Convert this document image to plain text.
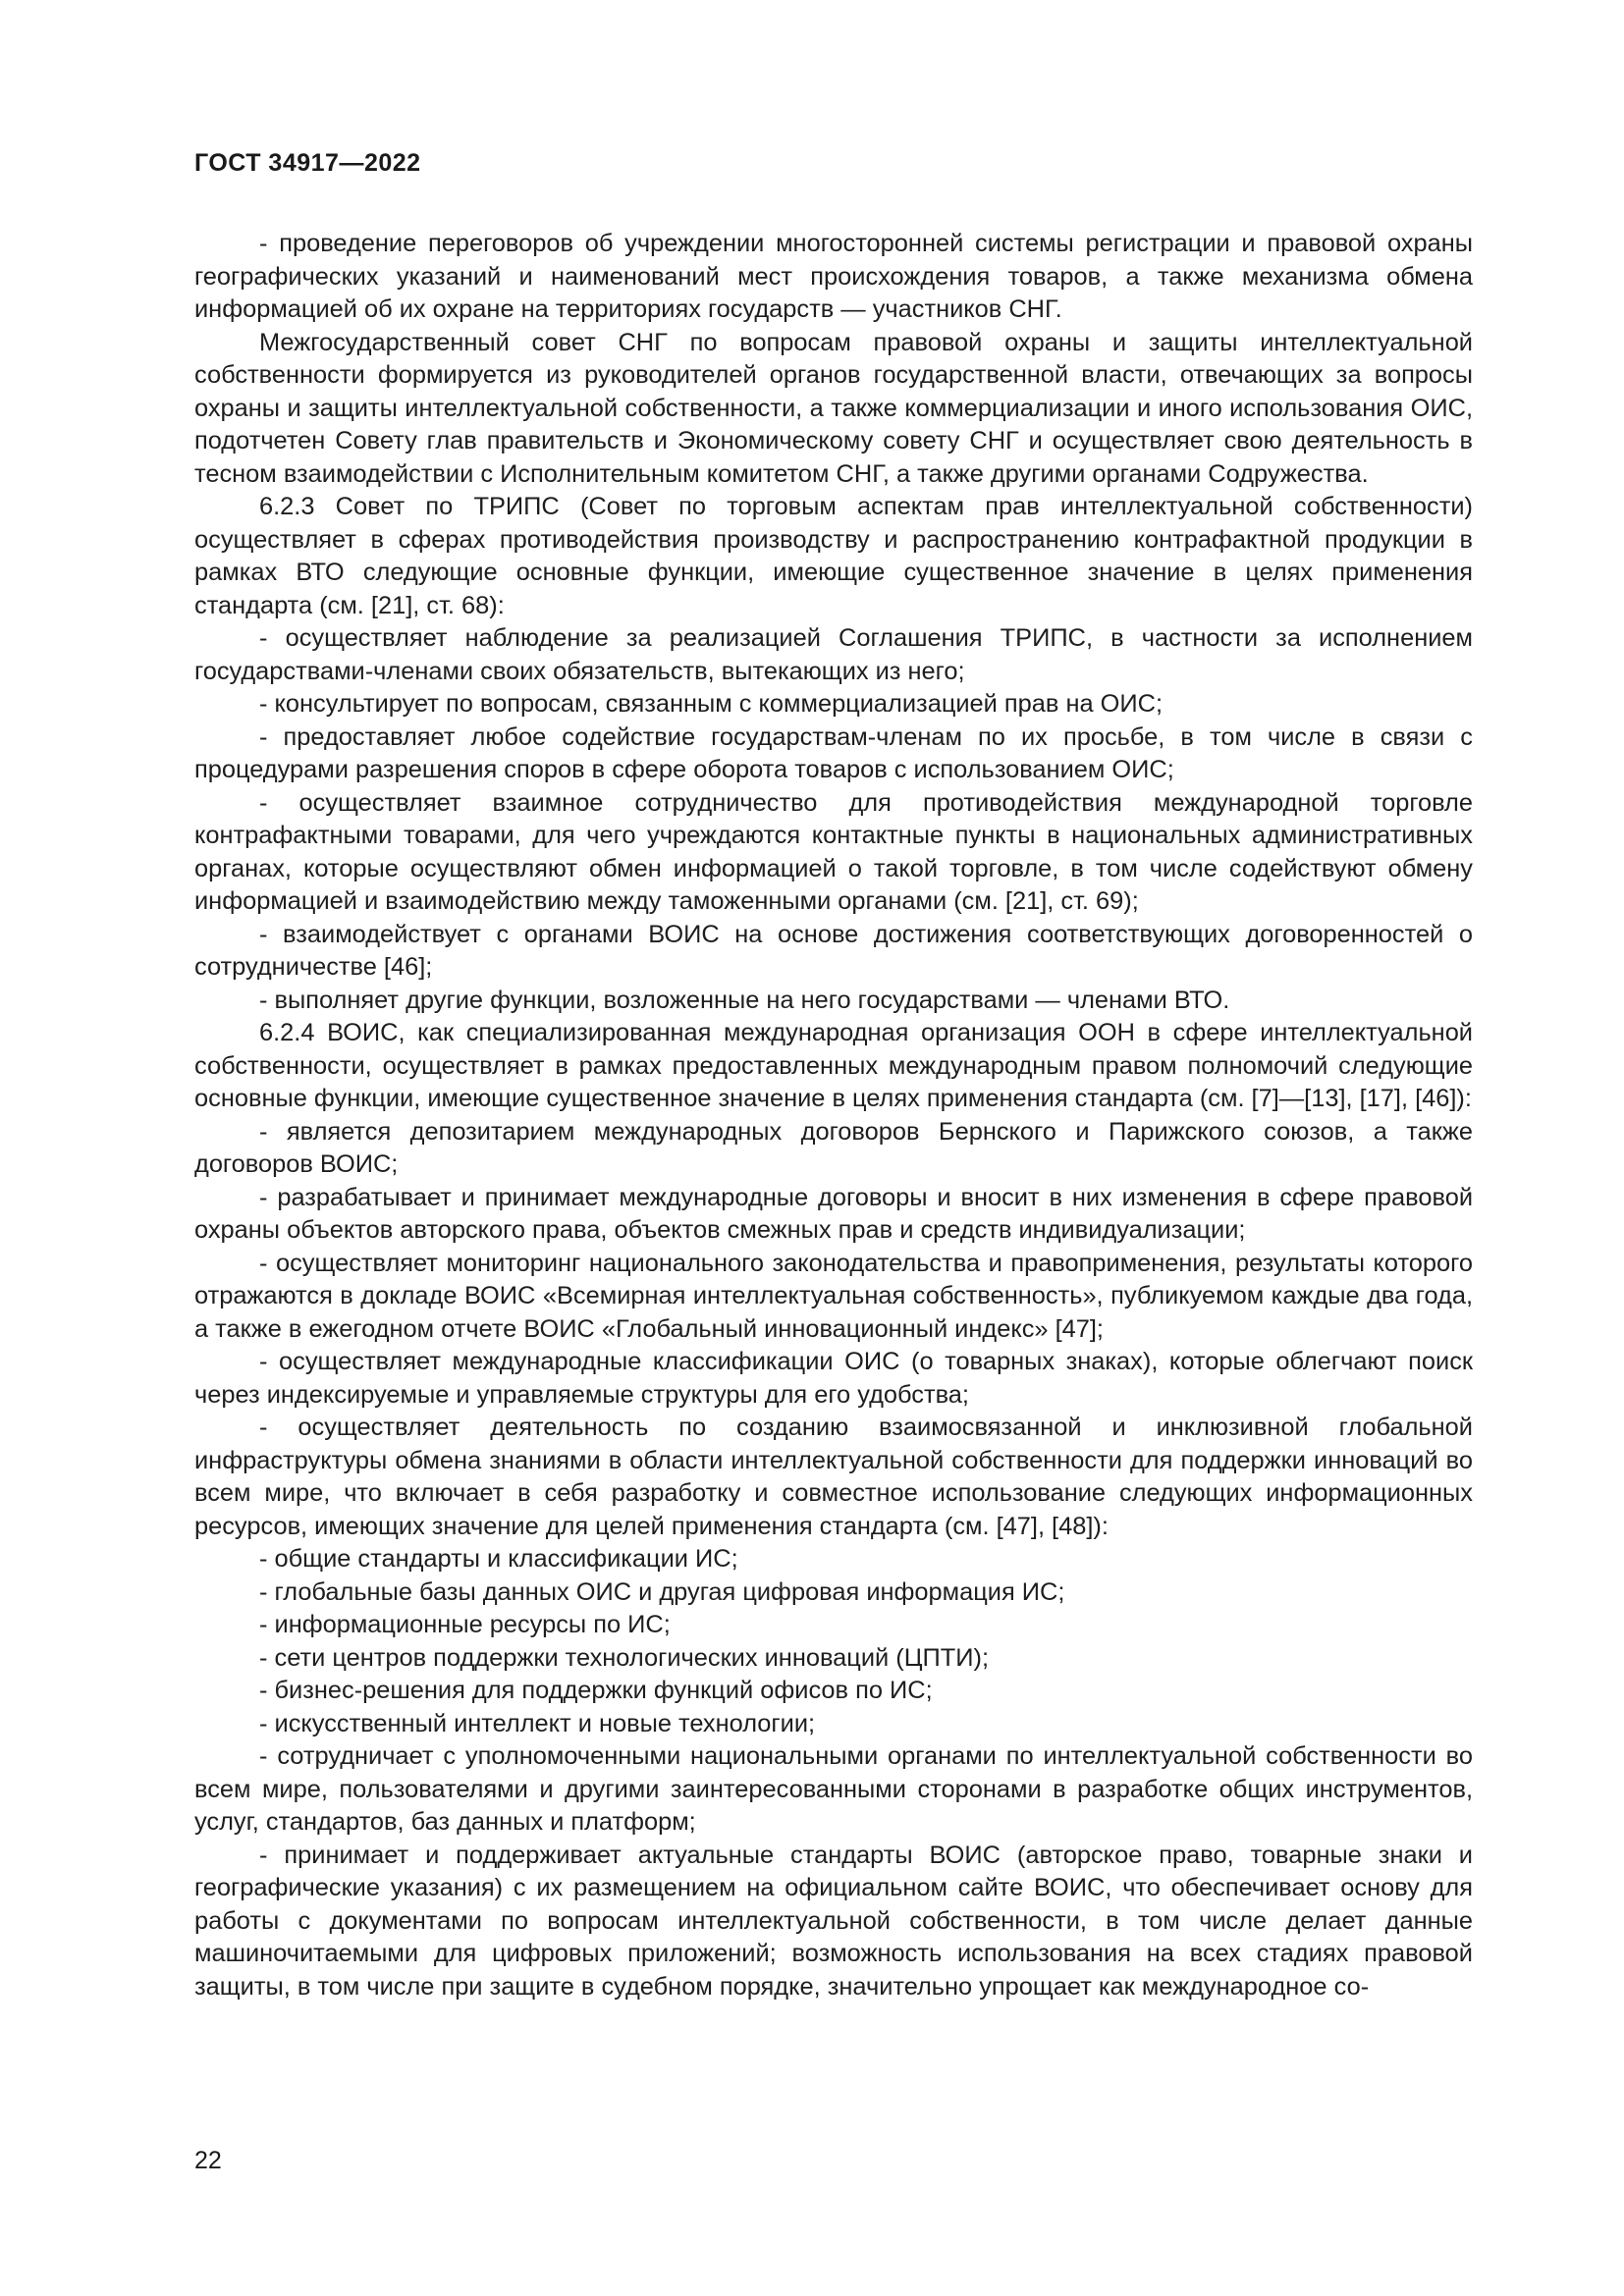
ГОСТ 34917—2022

- проведение переговоров об учреждении многосторонней системы регистрации и правовой охраны географических указаний и наименований мест происхождения товаров, а также механизма обмена информацией об их охране на территориях государств — участников СНГ.

Межгосударственный совет СНГ по вопросам правовой охраны и защиты интеллектуальной собственности формируется из руководителей органов государственной власти, отвечающих за вопросы охраны и защиты интеллектуальной собственности, а также коммерциализации и иного использования ОИС, подотчетен Совету глав правительств и Экономическому совету СНГ и осуществляет свою деятельность в тесном взаимодействии с Исполнительным комитетом СНГ, а также другими органами Содружества.

6.2.3 Совет по ТРИПС (Совет по торговым аспектам прав интеллектуальной собственности) осуществляет в сферах противодействия производству и распространению контрафактной продукции в рамках ВТО следующие основные функции, имеющие существенное значение в целях применения стандарта (см. [21], ст. 68):

- осуществляет наблюдение за реализацией Соглашения ТРИПС, в частности за исполнением государствами-членами своих обязательств, вытекающих из него;

- консультирует по вопросам, связанным с коммерциализацией прав на ОИС;

- предоставляет любое содействие государствам-членам по их просьбе, в том числе в связи с процедурами разрешения споров в сфере оборота товаров с использованием ОИС;

- осуществляет взаимное сотрудничество для противодействия международной торговле контрафактными товарами, для чего учреждаются контактные пункты в национальных административных органах, которые осуществляют обмен информацией о такой торговле, в том числе содействуют обмену информацией и взаимодействию между таможенными органами (см. [21], ст. 69);

- взаимодействует с органами ВОИС на основе достижения соответствующих договоренностей о сотрудничестве [46];

- выполняет другие функции, возложенные на него государствами — членами ВТО.

6.2.4 ВОИС, как специализированная международная организация ООН в сфере интеллектуальной собственности, осуществляет в рамках предоставленных международным правом полномочий следующие основные функции, имеющие существенное значение в целях применения стандарта (см. [7]—[13], [17], [46]):

- является депозитарием международных договоров Бернского и Парижского союзов, а также договоров ВОИС;

- разрабатывает и принимает международные договоры и вносит в них изменения в сфере правовой охраны объектов авторского права, объектов смежных прав и средств индивидуализации;

- осуществляет мониторинг национального законодательства и правоприменения, результаты которого отражаются в докладе ВОИС «Всемирная интеллектуальная собственность», публикуемом каждые два года, а также в ежегодном отчете ВОИС «Глобальный инновационный индекс» [47];

- осуществляет международные классификации ОИС (о товарных знаках), которые облегчают поиск через индексируемые и управляемые структуры для его удобства;

- осуществляет деятельность по созданию взаимосвязанной и инклюзивной глобальной инфраструктуры обмена знаниями в области интеллектуальной собственности для поддержки инноваций во всем мире, что включает в себя разработку и совместное использование следующих информационных ресурсов, имеющих значение для целей применения стандарта (см. [47], [48]):

- общие стандарты и классификации ИС;

- глобальные базы данных ОИС и другая цифровая информация ИС;

- информационные ресурсы по ИС;

- сети центров поддержки технологических инноваций (ЦПТИ);

- бизнес-решения для поддержки функций офисов по ИС;

- искусственный интеллект и новые технологии;

- сотрудничает с уполномоченными национальными органами по интеллектуальной собственности во всем мире, пользователями и другими заинтересованными сторонами в разработке общих инструментов, услуг, стандартов, баз данных и платформ;

- принимает и поддерживает актуальные стандарты ВОИС (авторское право, товарные знаки и географические указания) с их размещением на официальном сайте ВОИС, что обеспечивает основу для работы с документами по вопросам интеллектуальной собственности, в том числе делает данные машиночитаемыми для цифровых приложений; возможность использования на всех стадиях правовой защиты, в том числе при защите в судебном порядке, значительно упрощает как международное со-

22
